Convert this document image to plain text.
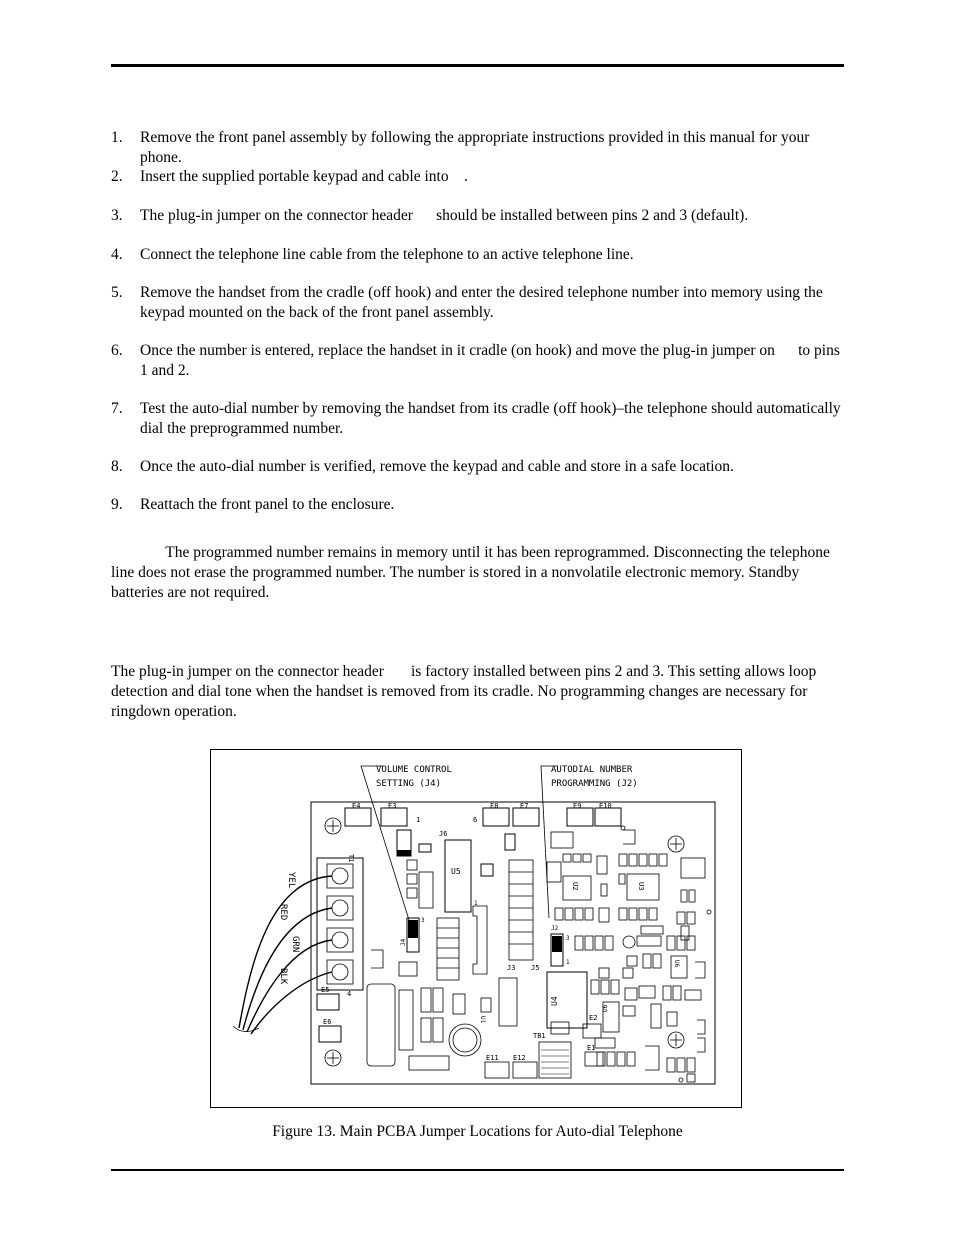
1. Remove the front panel assembly by following the appropriate instructions provided in this manual for your phone.
2. Insert the supplied portable keypad and cable into    .
3. The plug-in jumper on the connector header      should be installed between pins 2 and 3 (default).
4. Connect the telephone line cable from the telephone to an active telephone line.
5. Remove the handset from the cradle (off hook) and enter the desired telephone number into memory using the keypad mounted on the back of the front panel assembly.
6. Once the number is entered, replace the handset in it cradle (on hook) and move the plug-in jumper on      to pins 1 and 2.
7. Test the auto-dial number by removing the handset from its cradle (off hook)–the telephone should automatically dial the preprogrammed number.
8. Once the auto-dial number is verified, remove the keypad and cable and store in a safe location.
9. Reattach the front panel to the enclosure.

The programmed number remains in memory until it has been reprogrammed. Disconnecting the telephone line does not erase the programmed number. The number is stored in a nonvolatile electronic memory. Standby batteries are not required.

The plug-in jumper on the connector header       is factory installed between pins 2 and 3. This setting allows loop detection and dial tone when the handset is removed from its cradle. No programming changes are necessary for ringdown operation.

VOLUME CONTROL
SETTING (J4)
AUTODIAL NUMBER
PROGRAMMING (J2)
E4	E3	E8	E7	E9	E10
1	6
T1
YEL
RED
GRN
BLK
4
E5
E6
J6
U5
J4
3
1
J3 J5
J2
3
1
U2	U3
U6
U4
U6
E11 E12
TB1
E2
E1
U1

Figure 13. Main PCBA Jumper Locations for Auto-dial Telephone
